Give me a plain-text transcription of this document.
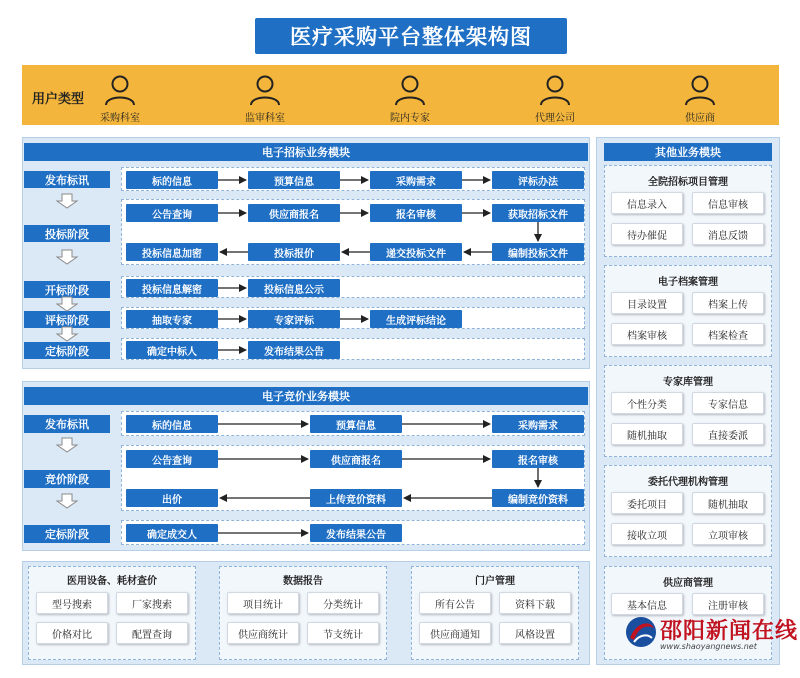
医疗采购平台整体架构图
用户类型
采购科室	监审科室	院内专家	代理公司	供应商
电子招标业务模块
发布标讯
投标阶段
开标阶段
评标阶段
定标阶段
标的信息	预算信息	采购需求	评标办法
公告查询	供应商报名	报名审核	获取招标文件
投标信息加密	投标报价	递交投标文件	编制投标文件
投标信息解密	投标信息公示
抽取专家	专家评标	生成评标结论
确定中标人	发布结果公告
电子竞价业务模块
发布标讯
竞价阶段
定标阶段
标的信息	预算信息	采购需求
公告查询	供应商报名	报名审核
出价	上传竞价资料	编制竞价资料
确定成交人	发布结果公告
医用设备、耗材查价
型号搜索	厂家搜索
价格对比	配置查询
数据报告
项目统计	分类统计
供应商统计	节支统计
门户管理
所有公告	资料下载
供应商通知	风格设置
其他业务模块
全院招标项目管理
信息录入	信息审核
待办催促	消息反馈
电子档案管理
目录设置	档案上传
档案审核	档案检查
专家库管理
个性分类	专家信息
随机抽取	直接委派
委托代理机构管理
委托项目	随机抽取
接收立项	立项审核
供应商管理
基本信息	注册审核
邵阳新闻在线
www.shaoyangnews.net
